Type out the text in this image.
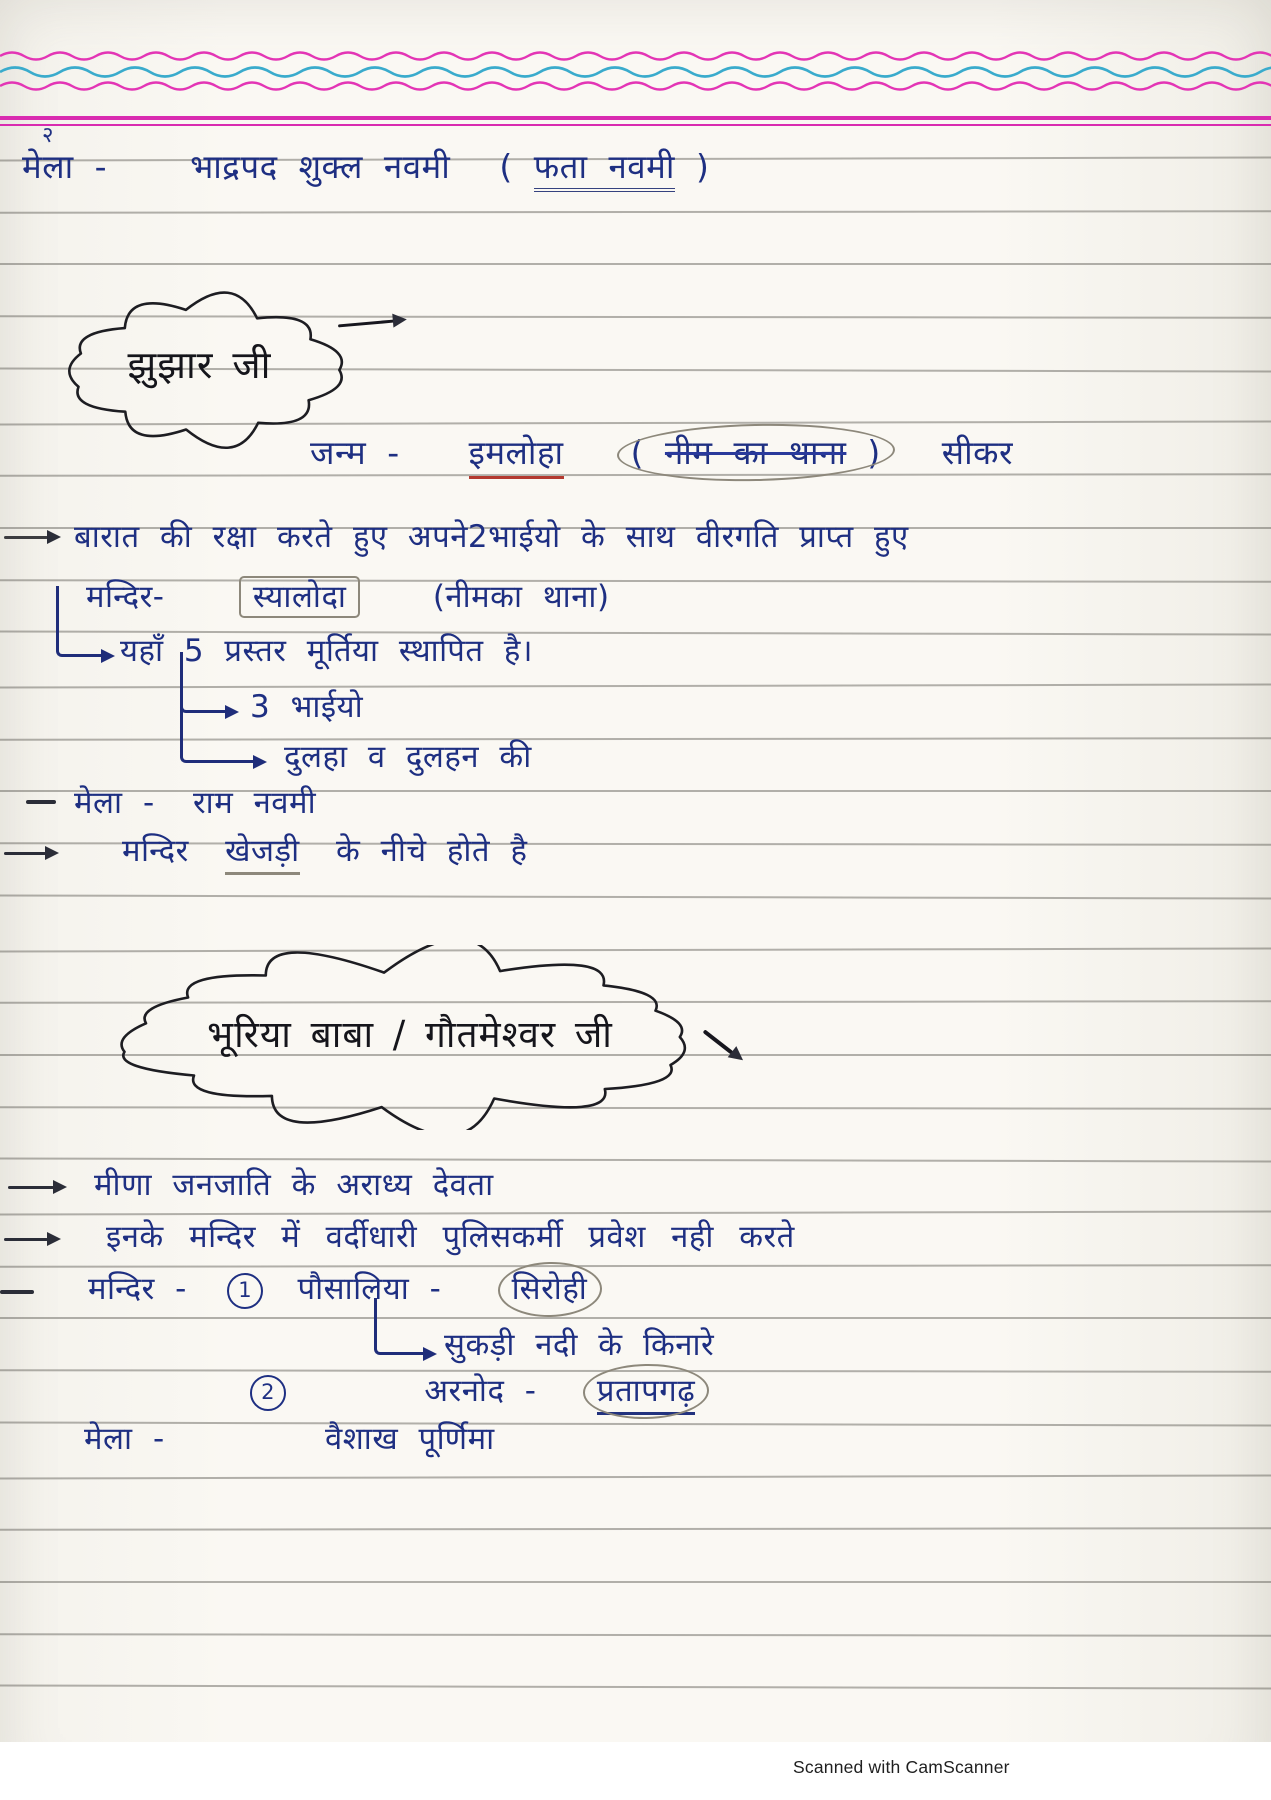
२
मेला -	भाद्रपद शुक्ल नवमी ( फता नवमी )
झुझार जी
जन्म - इमलोहा ( नीम का थाना ) सीकर
बारात की रक्षा करते हुए अपने2भाईयो के साथ वीरगति प्राप्त हुए
मन्दिर-	स्यालोदा	(नीमका थाना)
यहाँ 5 प्रस्तर मूर्तिया स्थापित है।
3 भाईयो
दुलहा व दुलहन की
मेला - राम नवमी
मन्दिर खेजड़ी के नीचे होते है
भूरिया बाबा / गौतमेश्वर जी
मीणा जनजाति के अराध्य देवता
इनके मन्दिर में वर्दीधारी पुलिसकर्मी प्रवेश नही करते
मन्दिर - 1 पौसालिया - सिरोही
सुकड़ी नदी के किनारे
2	अरनोद - प्रतापगढ़
मेला -	वैशाख पूर्णिमा
Scanned with CamScanner
